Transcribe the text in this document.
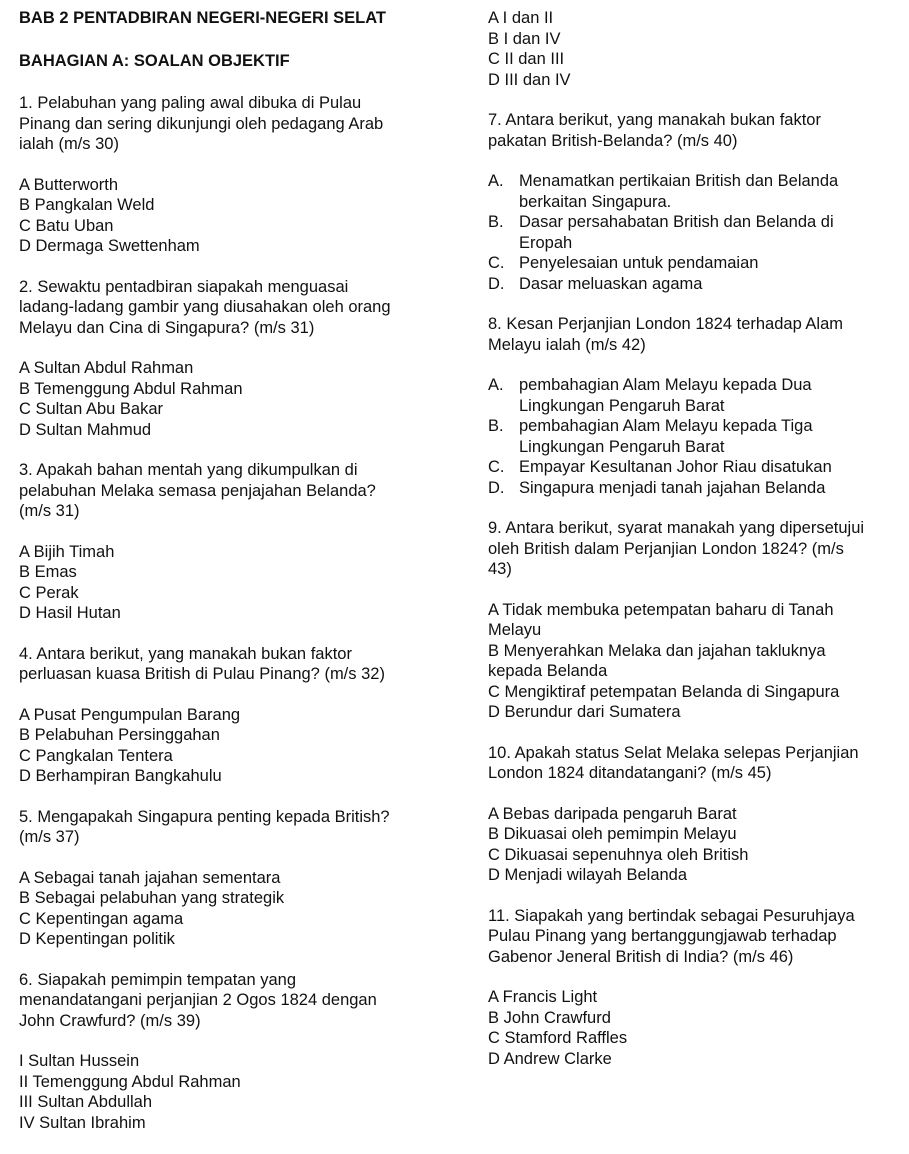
BAB 2 PENTADBIRAN NEGERI-NEGERI SELAT

BAHAGIAN A: SOALAN OBJEKTIF

1. Pelabuhan yang paling awal dibuka di Pulau

Pinang dan sering dikunjungi oleh pedagang Arab

ialah (m/s 30)

A Butterworth

B Pangkalan Weld

C Batu Uban

D Dermaga Swettenham

2. Sewaktu pentadbiran siapakah menguasai

ladang-ladang gambir yang diusahakan oleh orang

Melayu dan Cina di Singapura? (m/s 31)

A Sultan Abdul Rahman

B Temenggung Abdul Rahman

C Sultan Abu Bakar

D Sultan Mahmud

3. Apakah bahan mentah yang dikumpulkan di

pelabuhan Melaka semasa penjajahan Belanda?

(m/s 31)

A Bijih Timah

B Emas

C Perak

D Hasil Hutan

4. Antara berikut, yang manakah bukan faktor

perluasan kuasa British di Pulau Pinang? (m/s 32)

A Pusat Pengumpulan Barang

B Pelabuhan Persinggahan

C Pangkalan Tentera

D Berhampiran Bangkahulu

5. Mengapakah Singapura penting kepada British?

(m/s 37)

A Sebagai tanah jajahan sementara

B Sebagai pelabuhan yang strategik

C Kepentingan agama

D Kepentingan politik

6. Siapakah pemimpin tempatan yang

menandatangani perjanjian 2 Ogos 1824 dengan

John Crawfurd? (m/s 39)

I Sultan Hussein

II Temenggung Abdul Rahman

III Sultan Abdullah

IV Sultan Ibrahim

A I dan II

B I dan IV

C II dan III

D III dan IV

7. Antara berikut, yang manakah bukan faktor

pakatan British-Belanda? (m/s 40)

A. Menamatkan pertikaian British dan Belanda
berkaitan Singapura.
B. Dasar persahabatan British dan Belanda di
Eropah
C. Penyelesaian untuk pendamaian
D. Dasar meluaskan agama

8. Kesan Perjanjian London 1824 terhadap Alam

Melayu ialah (m/s 42)

A. pembahagian Alam Melayu kepada Dua
Lingkungan Pengaruh Barat
B. pembahagian Alam Melayu kepada Tiga
Lingkungan Pengaruh Barat
C. Empayar Kesultanan Johor Riau disatukan
D. Singapura menjadi tanah jajahan Belanda

9. Antara berikut, syarat manakah yang dipersetujui

oleh British dalam Perjanjian London 1824? (m/s

43)

A Tidak membuka petempatan baharu di Tanah

Melayu

B Menyerahkan Melaka dan jajahan takluknya

kepada Belanda

C Mengiktiraf petempatan Belanda di Singapura

D Berundur dari Sumatera

10. Apakah status Selat Melaka selepas Perjanjian

London 1824 ditandatangani? (m/s 45)

A Bebas daripada pengaruh Barat

B Dikuasai oleh pemimpin Melayu

C Dikuasai sepenuhnya oleh British

D Menjadi wilayah Belanda

11. Siapakah yang bertindak sebagai Pesuruhjaya

Pulau Pinang yang bertanggungjawab terhadap

Gabenor Jeneral British di India? (m/s 46)

A Francis Light

B John Crawfurd

C Stamford Raffles

D Andrew Clarke
